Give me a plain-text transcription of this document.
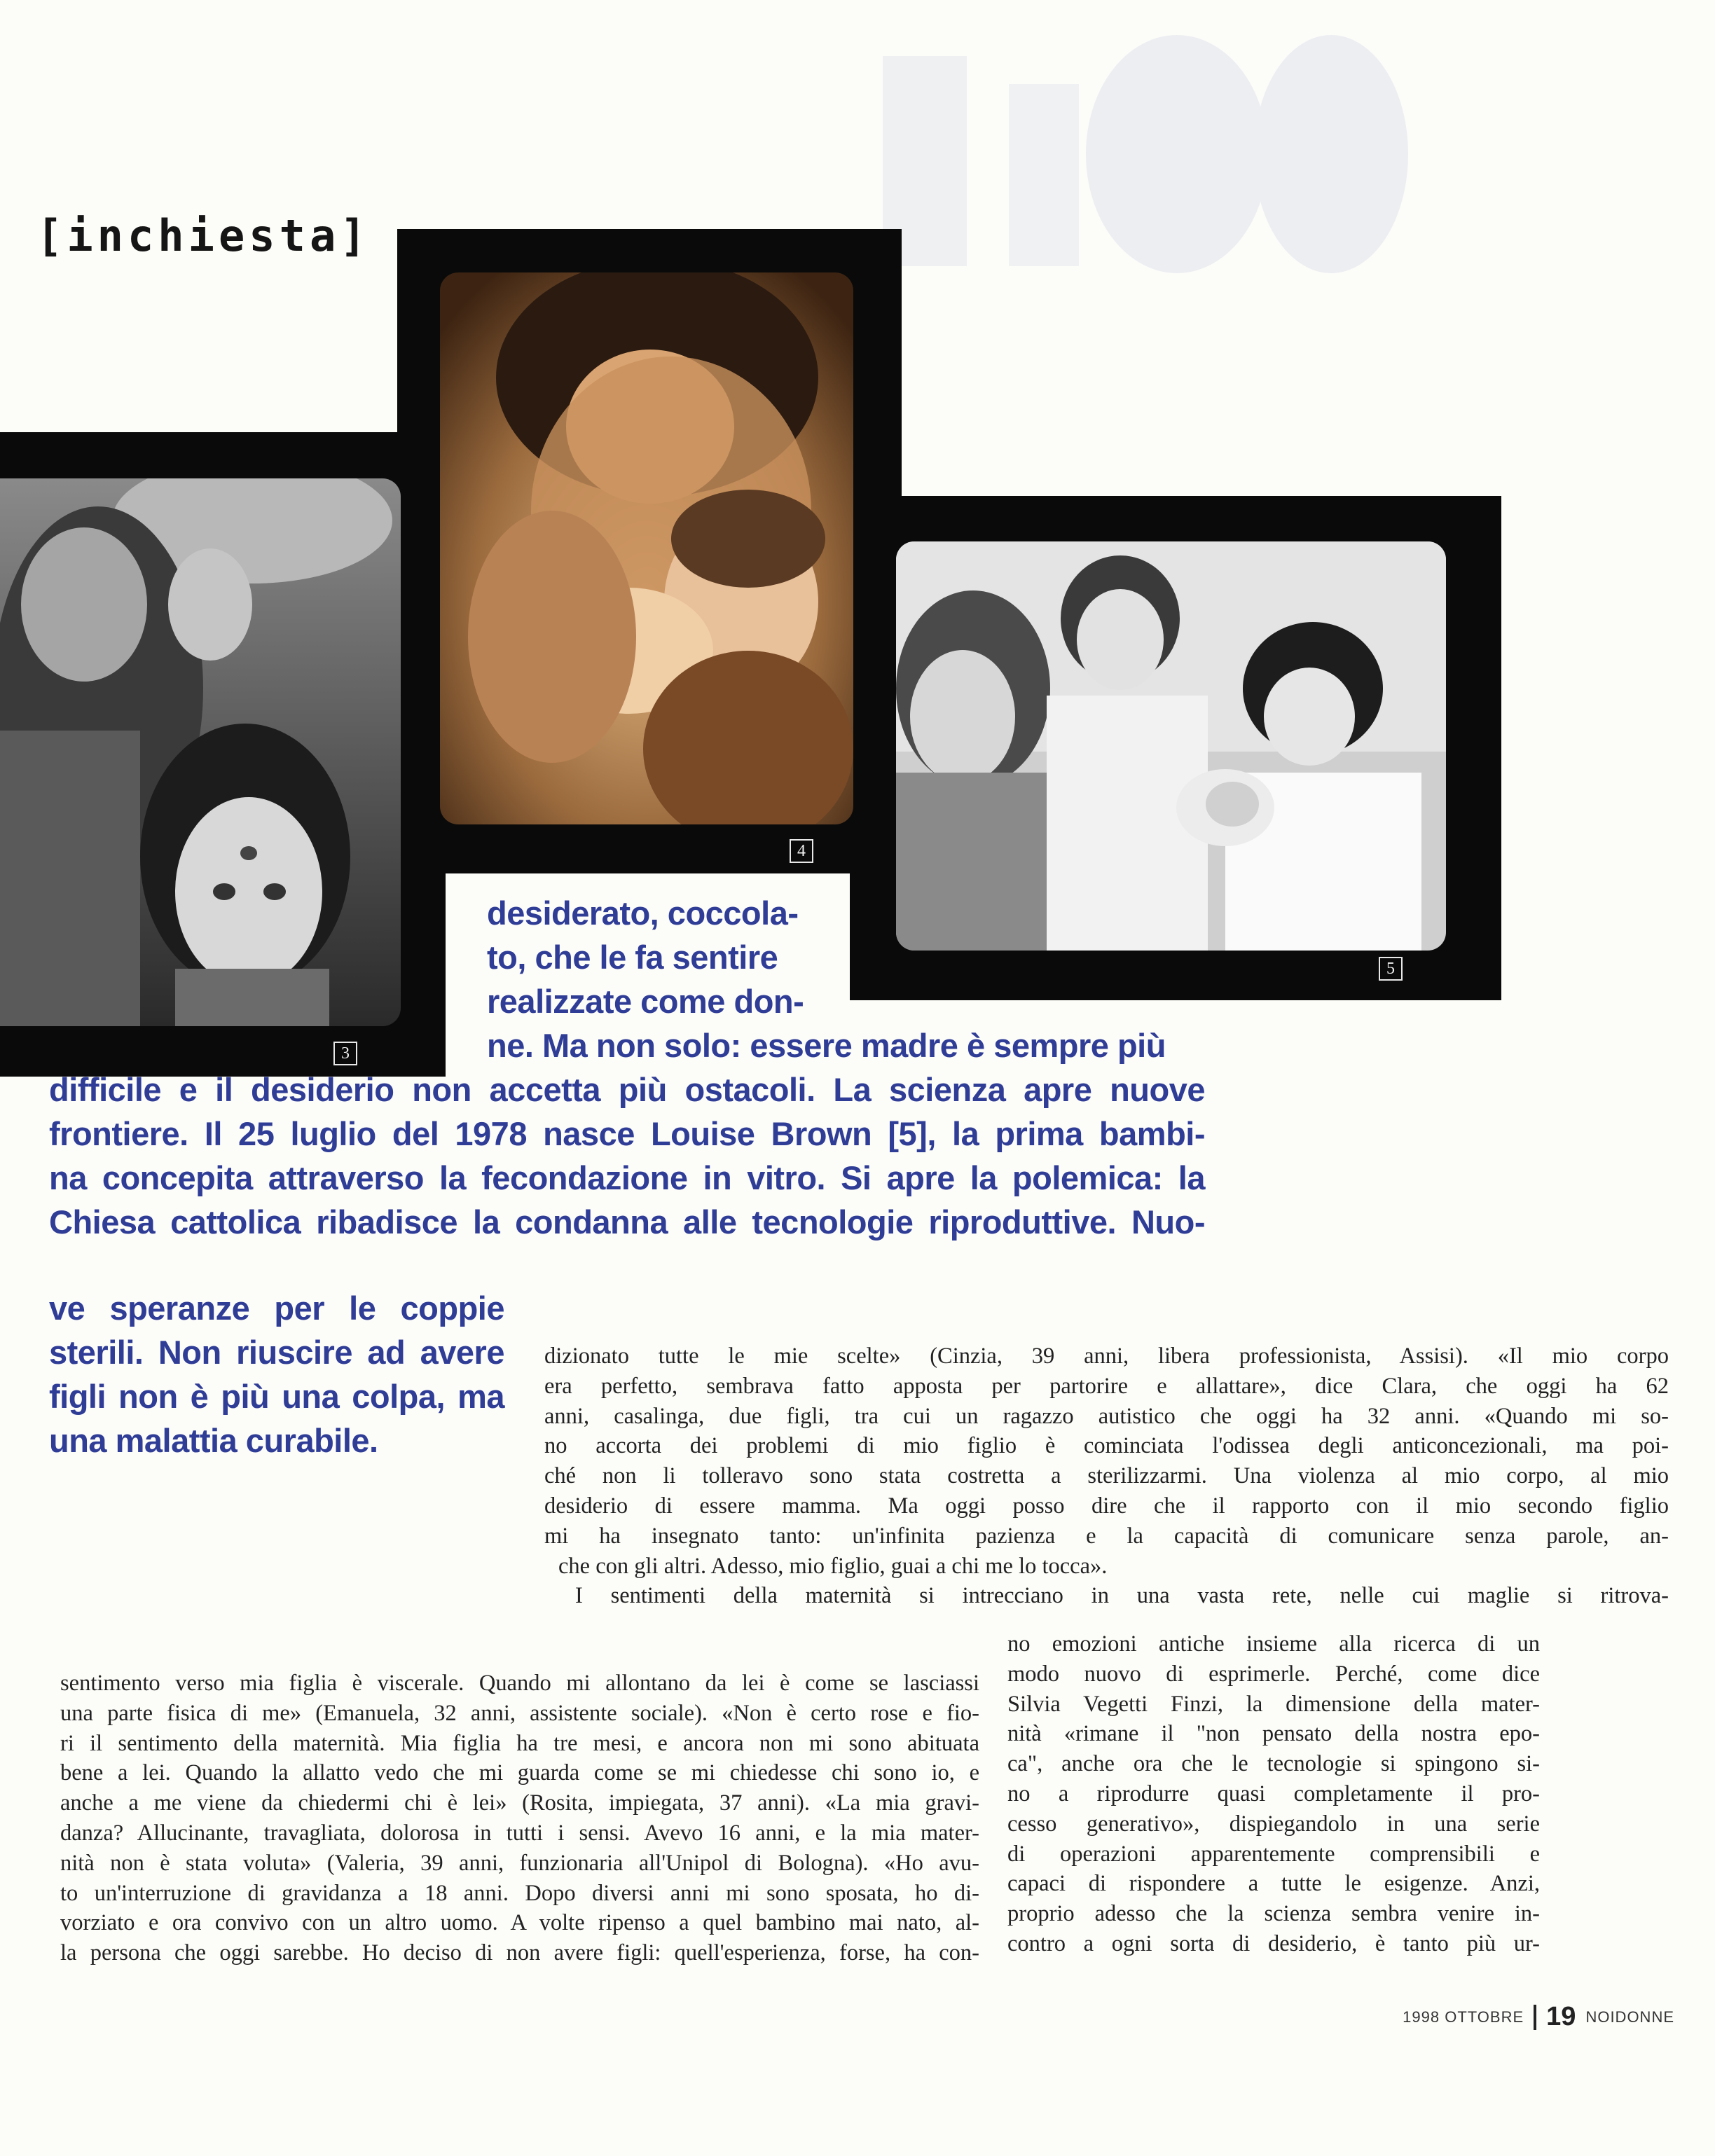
[inchiesta]
3
4
5
desiderato, coccola-
to, che le fa sentire
realizzate come don-
ne. Ma non solo: essere madre è sempre più
difficile e il desiderio non accetta più ostacoli. La scienza apre nuove
frontiere. Il 25 luglio del 1978 nasce Louise Brown [5], la prima bambi-
na concepita attraverso la fecondazione in vitro. Si apre la polemica: la
Chiesa cattolica ribadisce la condanna alle tecnologie riproduttive. Nuo-
ve speranze per le coppie
sterili. Non riuscire ad avere
figli non è più una colpa, ma
una malattia curabile.
dizionato tutte le mie scelte» (Cinzia, 39 anni, libera professionista, Assisi). «Il mio corpo
era perfetto, sembrava fatto apposta per partorire e allattare», dice Clara, che oggi ha 62
anni, casalinga, due figli, tra cui un ragazzo autistico che oggi ha 32 anni. «Quando mi so-
no accorta dei problemi di mio figlio è cominciata l'odissea degli anticoncezionali, ma poi-
ché non li tolleravo sono stata costretta a sterilizzarmi. Una violenza al mio corpo, al mio
desiderio di essere mamma. Ma oggi posso dire che il rapporto con il mio secondo figlio
mi ha insegnato tanto: un'infinita pazienza e la capacità di comunicare senza parole, an-
che con gli altri. Adesso, mio figlio, guai a chi me lo tocca».
I sentimenti della maternità si intrecciano in una vasta rete, nelle cui maglie si ritrova-
sentimento verso mia figlia è viscerale. Quando mi allontano da lei è come se lasciassi
una parte fisica di me» (Emanuela, 32 anni, assistente sociale). «Non è certo rose e fio-
ri il sentimento della maternità. Mia figlia ha tre mesi, e ancora non mi sono abituata
bene a lei. Quando la allatto vedo che mi guarda come se mi chiedesse chi sono io, e
anche a me viene da chiedermi chi è lei» (Rosita, impiegata, 37 anni). «La mia gravi-
danza? Allucinante, travagliata, dolorosa in tutti i sensi. Avevo 16 anni, e la mia mater-
nità non è stata voluta» (Valeria, 39 anni, funzionaria all'Unipol di Bologna). «Ho avu-
to un'interruzione di gravidanza a 18 anni. Dopo diversi anni mi sono sposata, ho di-
vorziato e ora convivo con un altro uomo. A volte ripenso a quel bambino mai nato, al-
la persona che oggi sarebbe. Ho deciso di non avere figli: quell'esperienza, forse, ha con-
no emozioni antiche insieme alla ricerca di un
modo nuovo di esprimerle. Perché, come dice
Silvia Vegetti Finzi, la dimensione della mater-
nità «rimane il "non pensato della nostra epo-
ca", anche ora che le tecnologie si spingono si-
no a riprodurre quasi completamente il pro-
cesso generativo», dispiegandolo in una serie
di operazioni apparentemente comprensibili e
capaci di rispondere a tutte le esigenze. Anzi,
proprio adesso che la scienza sembra venire in-
contro a ogni sorta di desiderio, è tanto più ur-
1998 OTTOBRE 19 NOIDONNE
